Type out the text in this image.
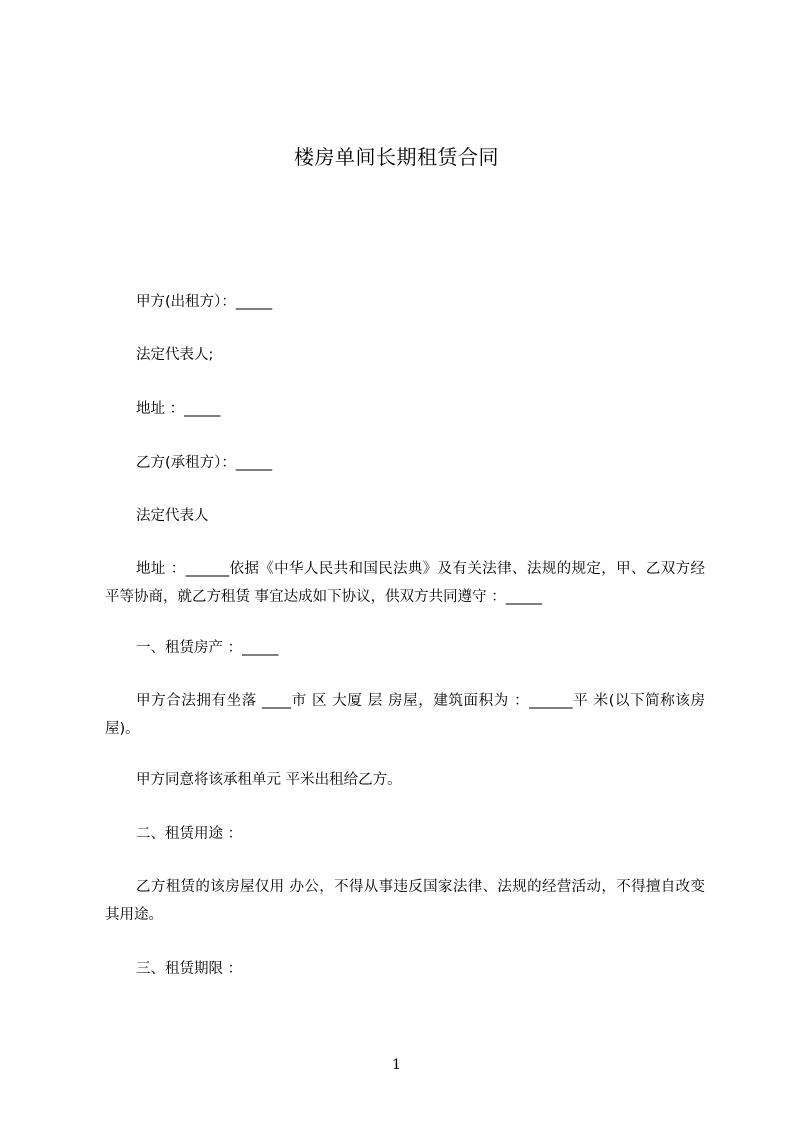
楼房单间长期租赁合同
甲方(出租方）：_____
法定代表人;
地址 ：_____
乙方(承租方）：_____
法定代表人
地址 ：______依据《中华人民共和国民法典》及有关法律、法规的规定，甲、乙双方经平等协商，就乙方租赁 事宜达成如下协议，供双方共同遵守 ：_____
一、租赁房产 ：_____
甲方合法拥有坐落 ____市 区 大厦 层 房屋，建筑面积为 ：______平 米(以下简称该房屋)。
甲方同意将该承租单元 平米出租给乙方。
二、租赁用途 ：
乙方租赁的该房屋仅用 办公，不得从事违反国家法律、法规的经营活动，不得擅自改变其用途。
三、租赁期限 ：
1
